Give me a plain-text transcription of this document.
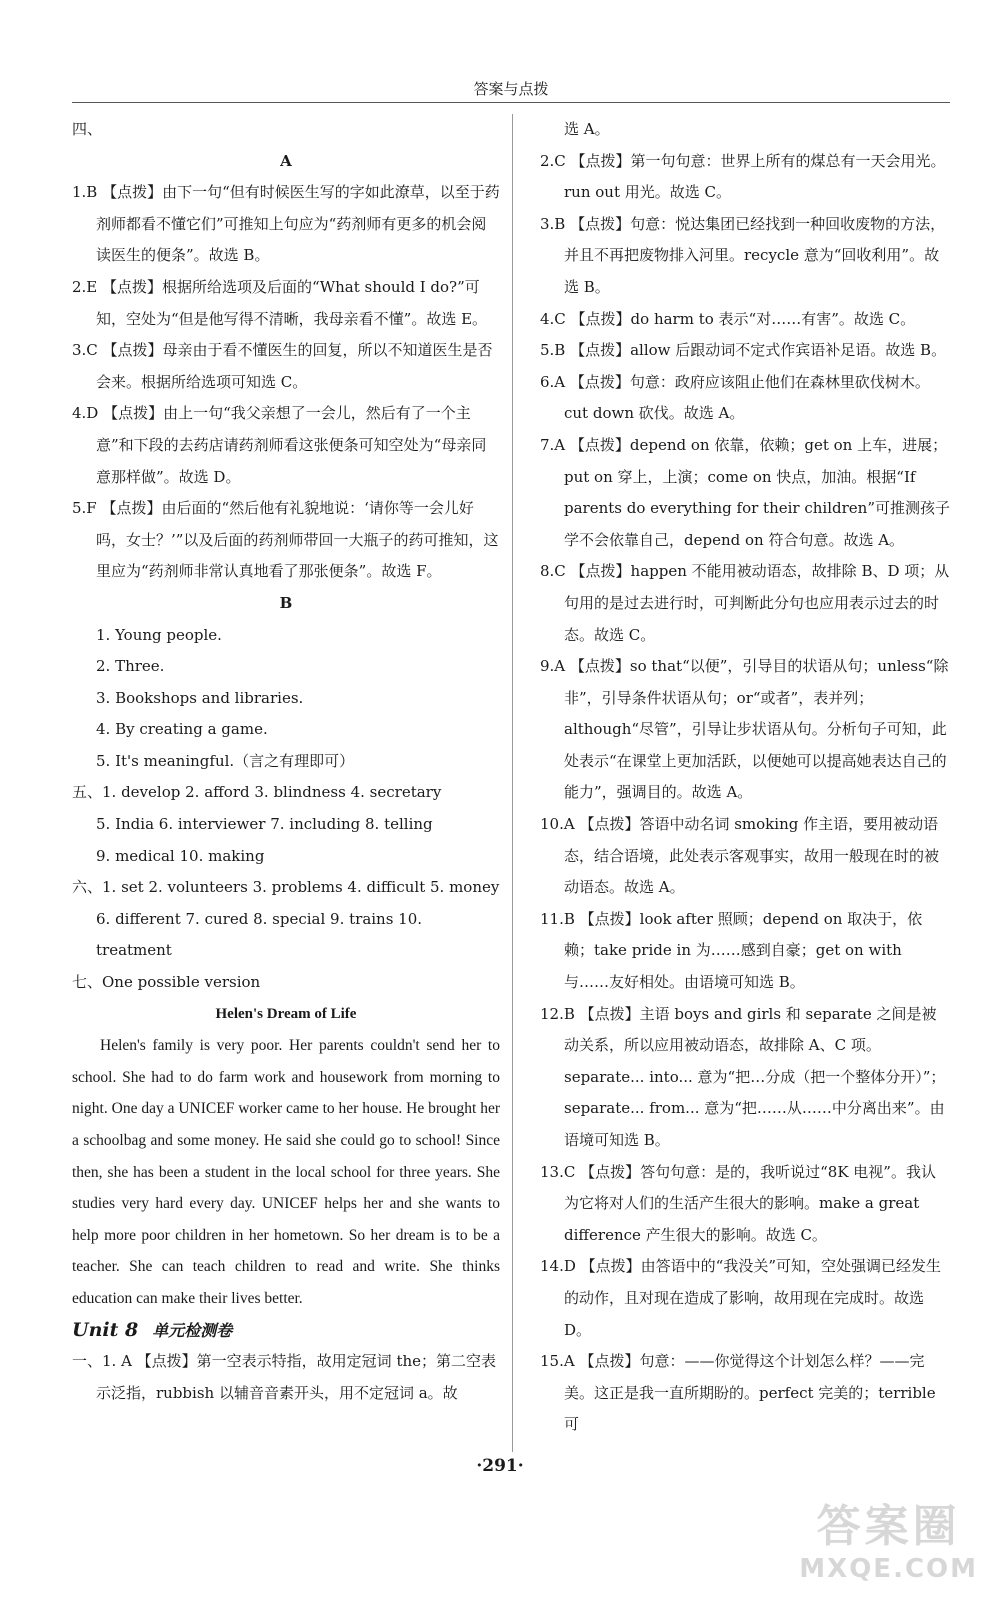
答案与点拨
四、
A
1.B 【点拨】由下一句“但有时候医生写的字如此潦草，以至于药剂师都看不懂它们”可推知上句应为“药剂师有更多的机会阅读医生的便条”。故选 B。
2.E 【点拨】根据所给选项及后面的“What should I do?”可知，空处为“但是他写得不清晰，我母亲看不懂”。故选 E。
3.C 【点拨】母亲由于看不懂医生的回复，所以不知道医生是否会来。根据所给选项可知选 C。
4.D 【点拨】由上一句“我父亲想了一会儿，然后有了一个主意”和下段的去药店请药剂师看这张便条可知空处为“母亲同意那样做”。故选 D。
5.F 【点拨】由后面的“然后他有礼貌地说：‘请你等一会儿好吗，女士？’”以及后面的药剂师带回一大瓶子的药可推知，这里应为“药剂师非常认真地看了那张便条”。故选 F。
B
1. Young people.
2. Three.
3. Bookshops and libraries.
4. By creating a game.
5. It's meaningful.（言之有理即可）
五、1. develop 2. afford 3. blindness 4. secretary
5. India 6. interviewer 7. including 8. telling
9. medical 10. making
六、1. set 2. volunteers 3. problems 4. difficult 5. money
6. different 7. cured 8. special 9. trains 10. treatment
七、One possible version
Helen's Dream of Life
Helen's family is very poor. Her parents couldn't send her to school. She had to do farm work and housework from morning to night. One day a UNICEF worker came to her house. He brought her a schoolbag and some money. He said she could go to school! Since then, she has been a student in the local school for three years. She studies very hard every day. UNICEF helps her and she wants to help more poor children in her hometown. So her dream is to be a teacher. She can teach children to read and write. She thinks education can make their lives better.
Unit 8 单元检测卷
一、1. A 【点拨】第一空表示特指，故用定冠词 the；第二空表示泛指，rubbish 以辅音音素开头，用不定冠词 a。故
选 A。
2.C 【点拨】第一句句意：世界上所有的煤总有一天会用光。run out 用光。故选 C。
3.B 【点拨】句意：悦达集团已经找到一种回收废物的方法，并且不再把废物排入河里。recycle 意为“回收利用”。故选 B。
4.C 【点拨】do harm to 表示“对……有害”。故选 C。
5.B 【点拨】allow 后跟动词不定式作宾语补足语。故选 B。
6.A 【点拨】句意：政府应该阻止他们在森林里砍伐树木。cut down 砍伐。故选 A。
7.A 【点拨】depend on 依靠，依赖；get on 上车，进展；put on 穿上，上演；come on 快点，加油。根据“If parents do everything for their children”可推测孩子学不会依靠自己，depend on 符合句意。故选 A。
8.C 【点拨】happen 不能用被动语态，故排除 B、D 项；从句用的是过去进行时，可判断此分句也应用表示过去的时态。故选 C。
9.A 【点拨】so that“以便”，引导目的状语从句；unless“除非”，引导条件状语从句；or“或者”，表并列；although“尽管”，引导让步状语从句。分析句子可知，此处表示“在课堂上更加活跃，以便她可以提高她表达自己的能力”，强调目的。故选 A。
10.A 【点拨】答语中动名词 smoking 作主语，要用被动语态，结合语境，此处表示客观事实，故用一般现在时的被动语态。故选 A。
11.B 【点拨】look after 照顾；depend on 取决于，依赖；take pride in 为……感到自豪；get on with 与……友好相处。由语境可知选 B。
12.B 【点拨】主语 boys and girls 和 separate 之间是被动关系，所以应用被动语态，故排除 A、C 项。separate... into... 意为“把…分成（把一个整体分开）”；separate... from... 意为“把……从……中分离出来”。由语境可知选 B。
13.C 【点拨】答句句意：是的，我听说过“8K 电视”。我认为它将对人们的生活产生很大的影响。make a great difference 产生很大的影响。故选 C。
14.D 【点拨】由答语中的“我没关”可知，空处强调已经发生的动作，且对现在造成了影响，故用现在完成时。故选 D。
15.A 【点拨】句意：——你觉得这个计划怎么样？——完美。这正是我一直所期盼的。perfect 完美的；terrible 可
·291·
答案圈
MXQE.COM
